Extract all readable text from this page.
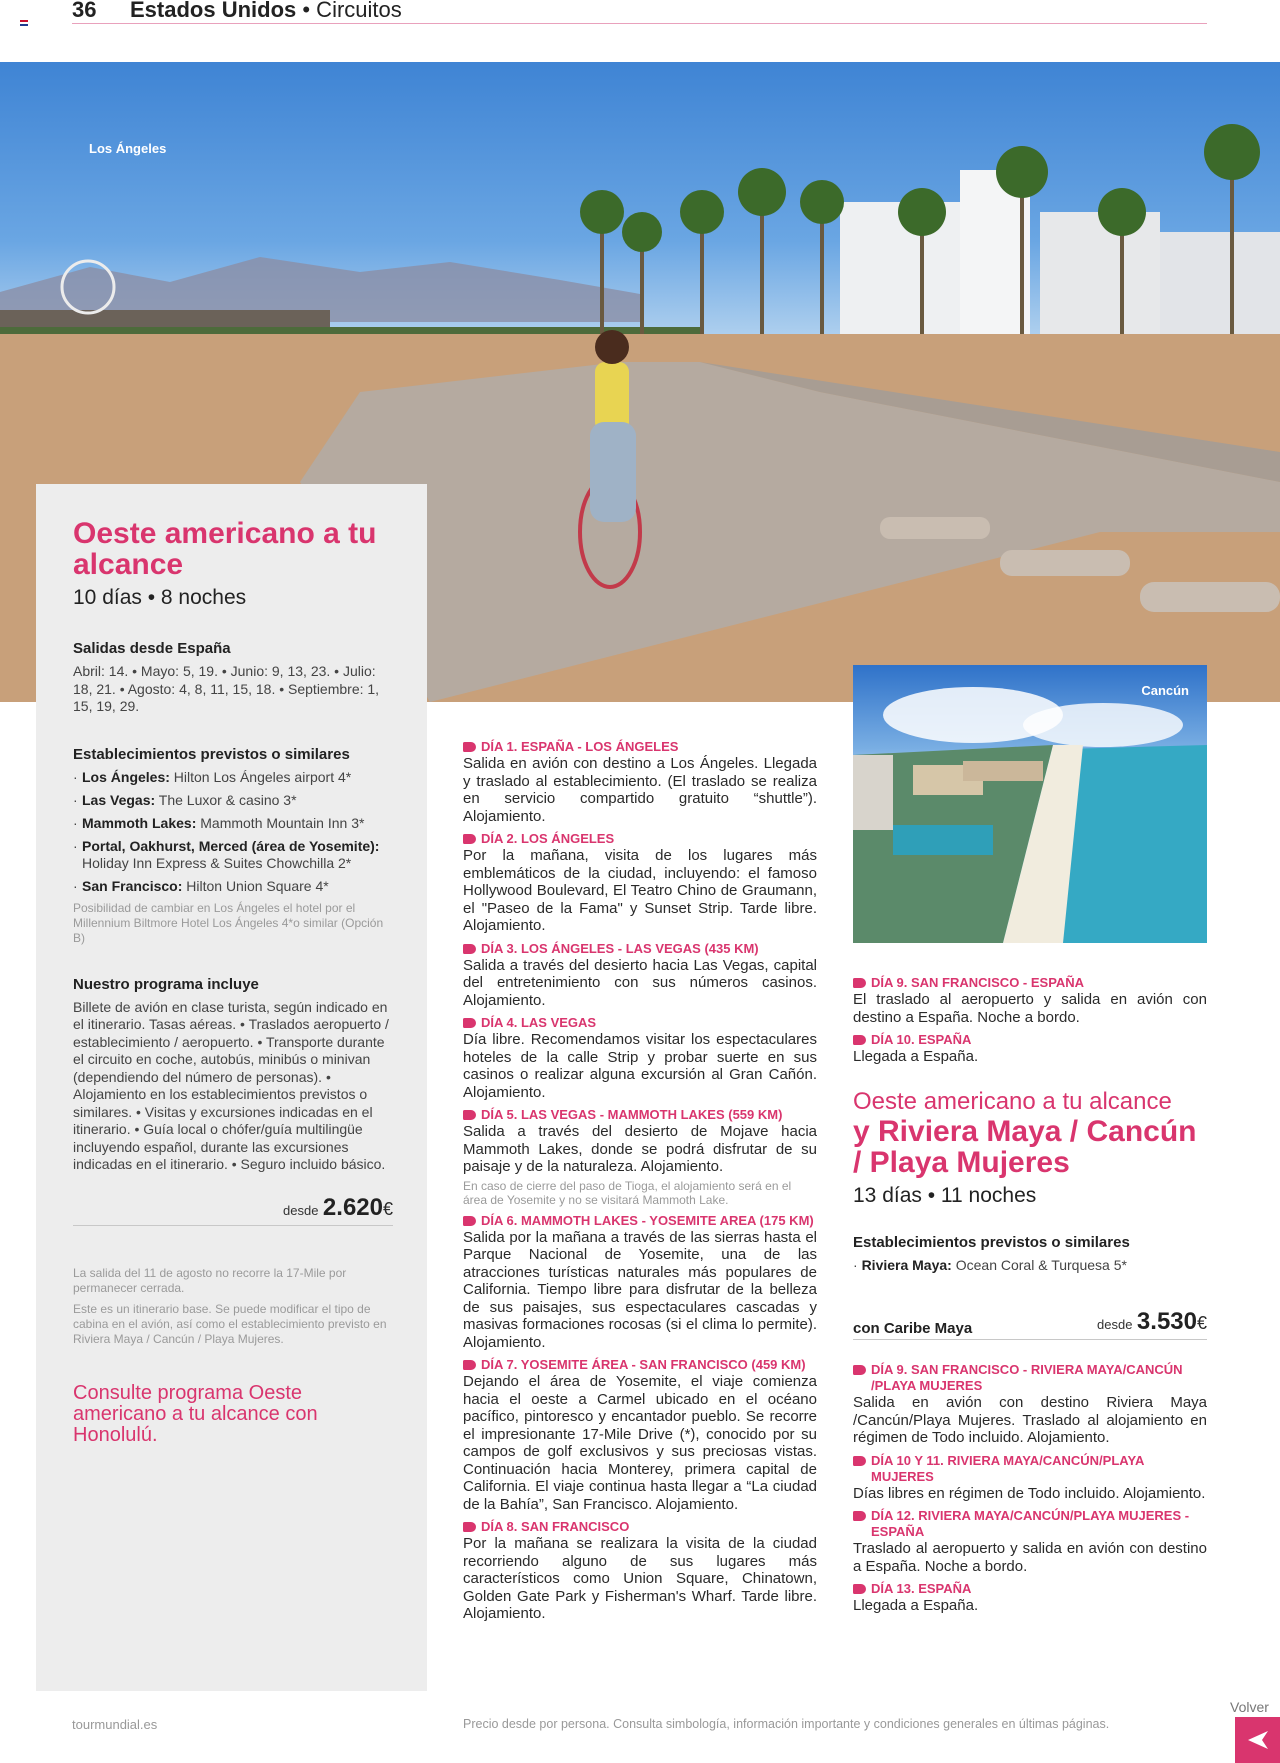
36 Estados Unidos • Circuitos
Los Ángeles
Oeste americano a tu alcance
10 días • 8 noches
Salidas desde España
Abril: 14. • Mayo: 5, 19. • Junio: 9, 13, 23. • Julio: 18, 21. • Agosto: 4, 8, 11, 15, 18. • Septiembre: 1, 15, 19, 29.
Establecimientos previstos o similares
· Los Ángeles: Hilton Los Ángeles airport 4*
· Las Vegas: The Luxor & casino 3*
· Mammoth Lakes: Mammoth Mountain Inn 3*
· Portal, Oakhurst, Merced (área de Yosemite): Holiday Inn Express & Suites Chowchilla 2*
· San Francisco: Hilton Union Square 4*
Posibilidad de cambiar en Los Ángeles el hotel por el Millennium Biltmore Hotel Los Ángeles 4*o similar (Opción B)
Nuestro programa incluye
Billete de avión en clase turista, según indicado en el itinerario. Tasas aéreas. • Traslados aeropuerto / establecimiento / aeropuerto. • Transporte durante el circuito en coche, autobús, minibús o minivan (dependiendo del número de personas). • Alojamiento en los establecimientos previstos o similares. • Visitas y excursiones indicadas en el itinerario. • Guía local o chófer/guía multilingüe incluyendo español, durante las excursiones indicadas en el itinerario. • Seguro incluido básico.
desde 2.620€
La salida del 11 de agosto no recorre la 17-Mile por permanecer cerrada.
Este es un itinerario base. Se puede modificar el tipo de cabina en el avión, así como el establecimiento previsto en Riviera Maya / Cancún / Playa Mujeres.
Consulte programa Oeste americano a tu alcance con Honolulú.
DÍA 1. ESPAÑA - LOS ÁNGELES
Salida en avión con destino a Los Ángeles. Llegada y traslado al establecimiento. (El traslado se realiza en servicio compartido gratuito “shuttle”). Alojamiento.
DÍA 2. LOS ÁNGELES
Por la mañana, visita de los lugares más emblemáticos de la ciudad, incluyendo: el famoso Hollywood Boulevard, El Teatro Chino de Graumann, el "Paseo de la Fama" y Sunset Strip. Tarde libre. Alojamiento.
DÍA 3. LOS ÁNGELES - LAS VEGAS (435 KM)
Salida a través del desierto hacia Las Vegas, capital del entretenimiento con sus números casinos. Alojamiento.
DÍA 4. LAS VEGAS
Día libre. Recomendamos visitar los espectaculares hoteles de la calle Strip y probar suerte en sus casinos o realizar alguna excursión al Gran Cañón. Alojamiento.
DÍA 5. LAS VEGAS - MAMMOTH LAKES (559 KM)
Salida a través del desierto de Mojave hacia Mammoth Lakes, donde se podrá disfrutar de su paisaje y de la naturaleza. Alojamiento.
En caso de cierre del paso de Tioga, el alojamiento será en el área de Yosemite y no se visitará Mammoth Lake.
DÍA 6. MAMMOTH LAKES - YOSEMITE AREA (175 KM)
Salida por la mañana a través de las sierras hasta el Parque Nacional de Yosemite, una de las atracciones turísticas naturales más populares de California. Tiempo libre para disfrutar de la belleza de sus paisajes, sus espectaculares cascadas y masivas formaciones rocosas (si el clima lo permite). Alojamiento.
DÍA 7. YOSEMITE ÁREA - SAN FRANCISCO (459 KM)
Dejando el área de Yosemite, el viaje comienza hacia el oeste a Carmel ubicado en el océano pacífico, pintoresco y encantador pueblo. Se recorre el impresionante 17-Mile Drive (*), conocido por su campos de golf exclusivos y sus preciosas vistas. Continuación hacia Monterey, primera capital de California. El viaje continua hasta llegar a “La ciudad de la Bahía”, San Francisco. Alojamiento.
DÍA 8. SAN FRANCISCO
Por la mañana se realizara la visita de la ciudad recorriendo alguno de sus lugares más característicos como Union Square, Chinatown, Golden Gate Park y Fisherman's Wharf. Tarde libre. Alojamiento.
Cancún
DÍA 9. SAN FRANCISCO - ESPAÑA
El traslado al aeropuerto y salida en avión con destino a España. Noche a bordo.
DÍA 10. ESPAÑA
Llegada a España.
Oeste americano a tu alcance
y Riviera Maya / Cancún / Playa Mujeres
13 días • 11 noches
Establecimientos previstos o similares
· Riviera Maya: Ocean Coral & Turquesa 5*
con Caribe Maya	desde 3.530€
DÍA 9. SAN FRANCISCO - RIVIERA MAYA/CANCÚN /PLAYA MUJERES
Salida en avión con destino Riviera Maya /Cancún/Playa Mujeres. Traslado al alojamiento en régimen de Todo incluido. Alojamiento.
DÍA 10 Y 11. RIVIERA MAYA/CANCÚN/PLAYA MUJERES
Días libres en régimen de Todo incluido. Alojamiento.
DÍA 12. RIVIERA MAYA/CANCÚN/PLAYA MUJERES - ESPAÑA
Traslado al aeropuerto y salida en avión con destino a España. Noche a bordo.
DÍA 13. ESPAÑA
Llegada a España.
tourmundial.es	Precio desde por persona. Consulta simbología, información importante y condiciones generales en últimas páginas.
Volver
